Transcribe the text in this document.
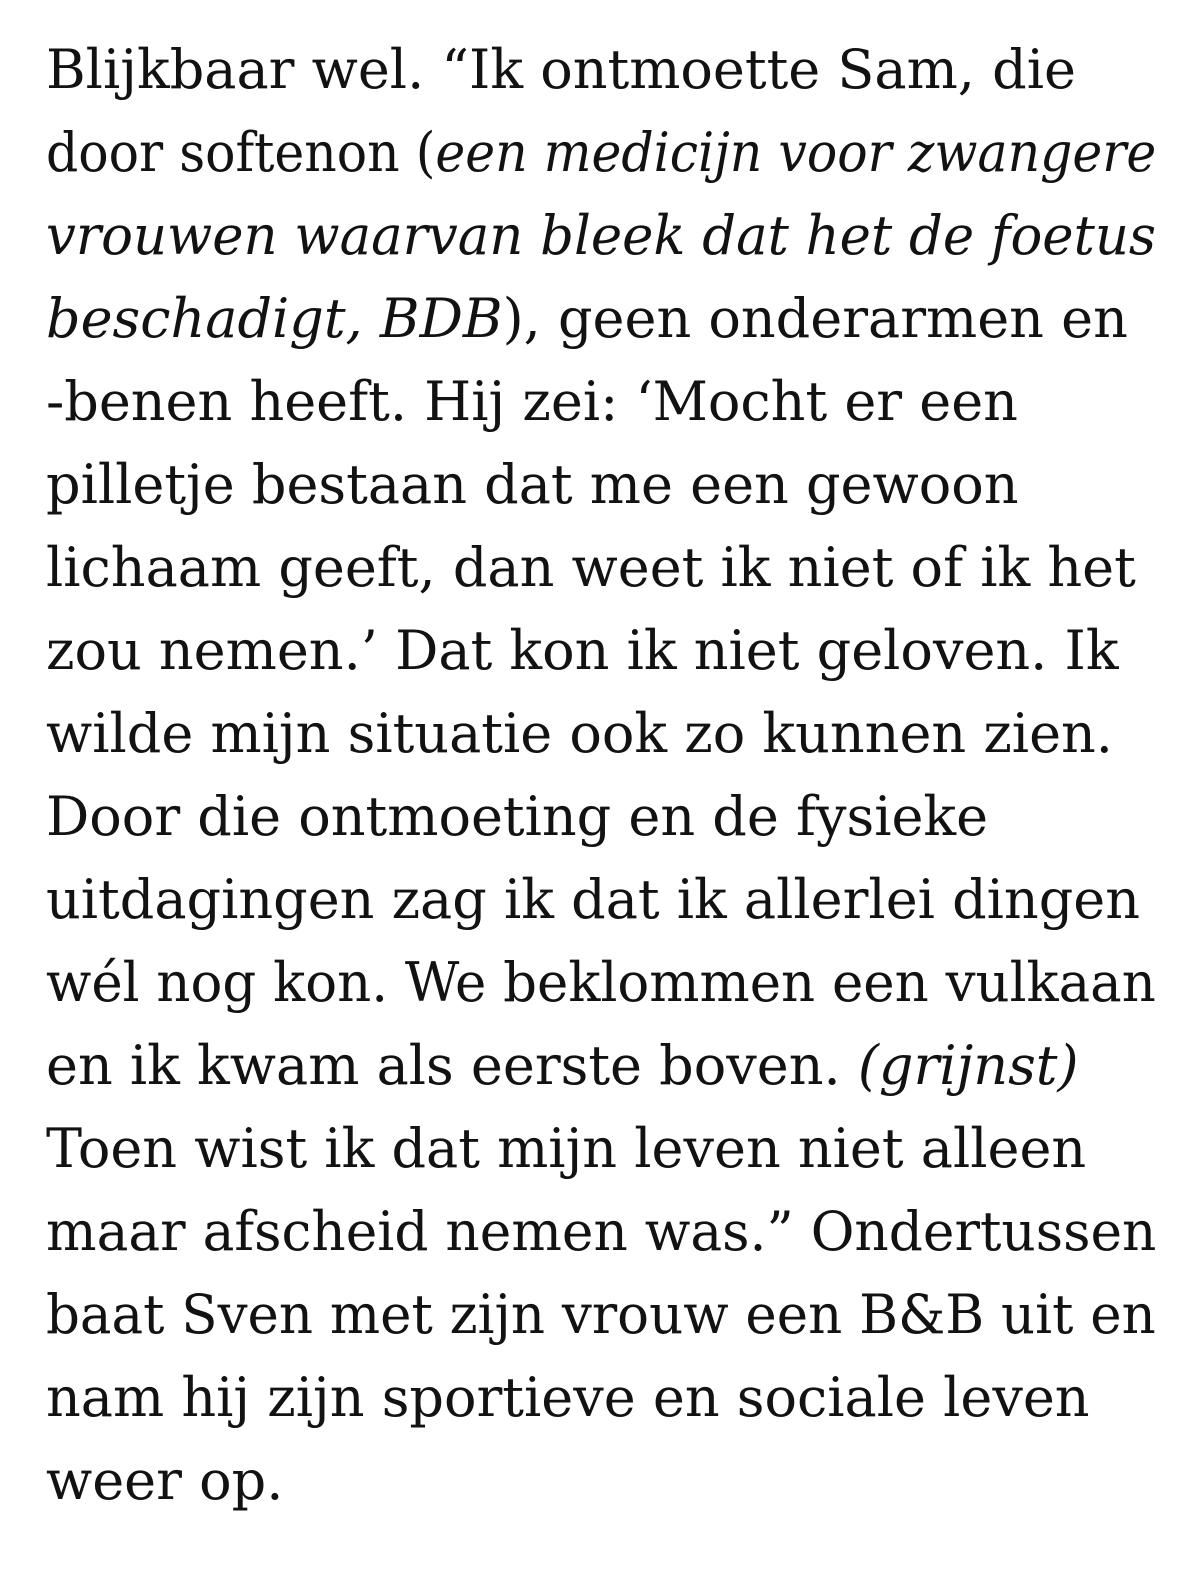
Blijkbaar wel. “Ik ontmoette Sam, die
door softenon (een medicijn voor zwangere
vrouwen waarvan bleek dat het de foetus
beschadigt, BDB), geen onderarmen en
-benen heeft. Hij zei: ‘Mocht er een
pilletje bestaan dat me een gewoon
lichaam geeft, dan weet ik niet of ik het
zou nemen.’ Dat kon ik niet geloven. Ik
wilde mijn situatie ook zo kunnen zien.
Door die ontmoeting en de fysieke
uitdagingen zag ik dat ik allerlei dingen
wél nog kon. We beklommen een vulkaan
en ik kwam als eerste boven. (grijnst)
Toen wist ik dat mijn leven niet alleen
maar afscheid nemen was.” Ondertussen
baat Sven met zijn vrouw een B&B uit en
nam hij zijn sportieve en sociale leven
weer op.
